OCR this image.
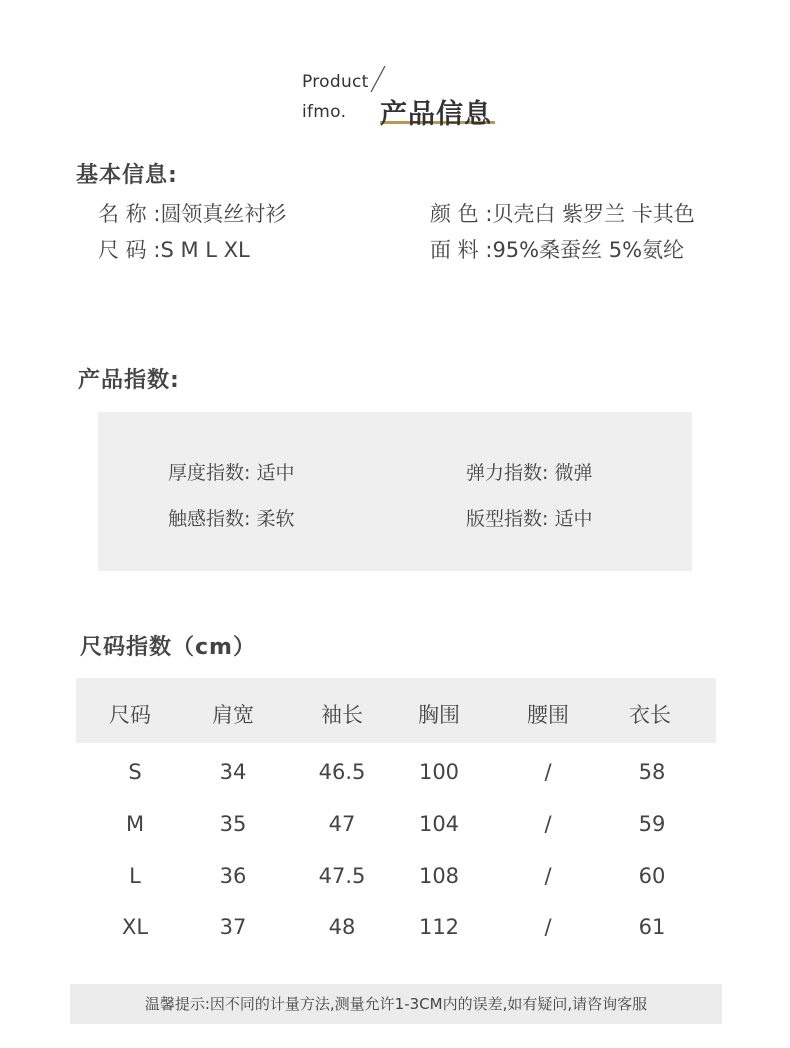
Product
ifmo. 产品信息
基本信息:
名 称 :圆领真丝衬衫	颜 色 :贝壳白 紫罗兰 卡其色
尺 码 :S M L XL	面 料 :95%桑蚕丝 5%氨纶
产品指数:
厚度指数: 适中	弹力指数: 微弹
触感指数: 柔软	版型指数: 适中
尺码指数（cm）
尺码	肩宽	袖长	胸围	腰围	衣长
S	34	46.5	100	/	58
M	35	47	104	/	59
L	36	47.5	108	/	60
XL	37	48	112	/	61
温馨提示:因不同的计量方法,测量允许1-3CM内的误差,如有疑问,请咨询客服
